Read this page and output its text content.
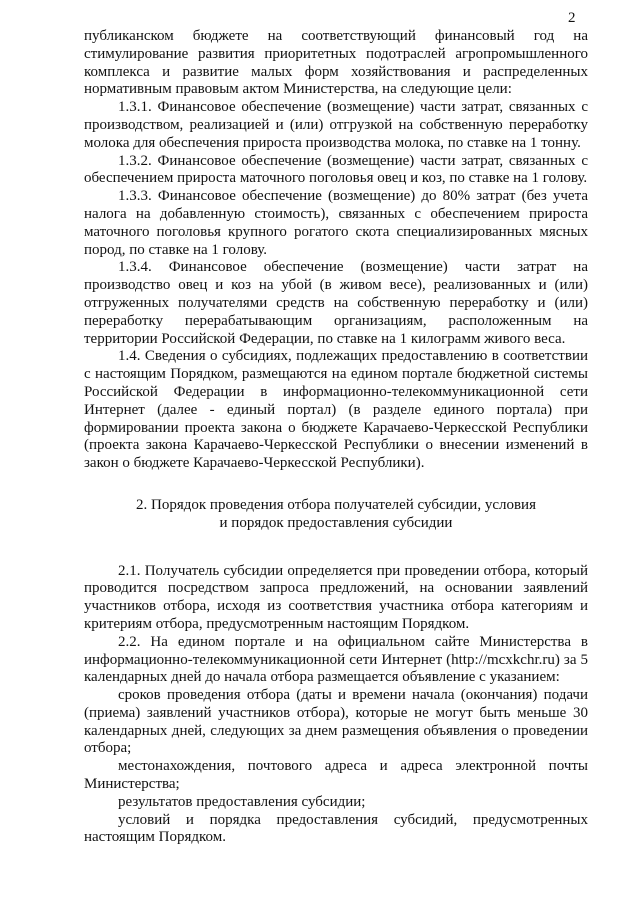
2

публиканском бюджете на соответствующий финансовый год на стимулирование развития приоритетных подотраслей агропромышленного комплекса и развитие малых форм хозяйствования и распределенных нормативным правовым актом Министерства, на следующие цели:

1.3.1. Финансовое обеспечение (возмещение) части затрат, связанных с производством, реализацией и (или) отгрузкой на собственную переработку молока для обеспечения прироста производства молока, по ставке на 1 тонну.

1.3.2. Финансовое обеспечение (возмещение) части затрат, связанных с обеспечением прироста маточного поголовья овец и коз, по ставке на 1 голову.

1.3.3. Финансовое обеспечение (возмещение) до 80% затрат (без учета налога на добавленную стоимость), связанных с обеспечением прироста маточного поголовья крупного рогатого скота специализированных мясных пород, по ставке на 1 голову.

1.3.4. Финансовое обеспечение (возмещение) части затрат на производство овец и коз на убой (в живом весе), реализованных и (или) отгруженных получателями средств на собственную переработку и (или) переработку перерабатывающим организациям, расположенным на территории Российской Федерации, по ставке на 1 килограмм живого веса.

1.4. Сведения о субсидиях, подлежащих предоставлению в соответствии с настоящим Порядком, размещаются на едином портале бюджетной системы Российской Федерации в информационно-телекоммуникационной сети Интернет (далее - единый портал) (в разделе единого портала) при формировании проекта закона о бюджете Карачаево-Черкесской Республики (проекта закона Карачаево-Черкесской Республики о внесении изменений в закон о бюджете Карачаево-Черкесской Республики).

2. Порядок проведения отбора получателей субсидии, условия
и порядок предоставления субсидии

2.1. Получатель субсидии определяется при проведении отбора, который проводится посредством запроса предложений, на основании заявлений участников отбора, исходя из соответствия участника отбора категориям и критериям отбора, предусмотренным настоящим Порядком.

2.2. На едином портале и на официальном сайте Министерства в информационно-телекоммуникационной сети Интернет (http://mcxkchr.ru) за 5 календарных дней до начала отбора размещается объявление с указанием:

сроков проведения отбора (даты и времени начала (окончания) подачи (приема) заявлений участников отбора), которые не могут быть меньше 30 календарных дней, следующих за днем размещения объявления о проведении отбора;

местонахождения, почтового адреса и адреса электронной почты Министерства;

результатов предоставления субсидии;

условий и порядка предоставления субсидий, предусмотренных настоящим Порядком.
